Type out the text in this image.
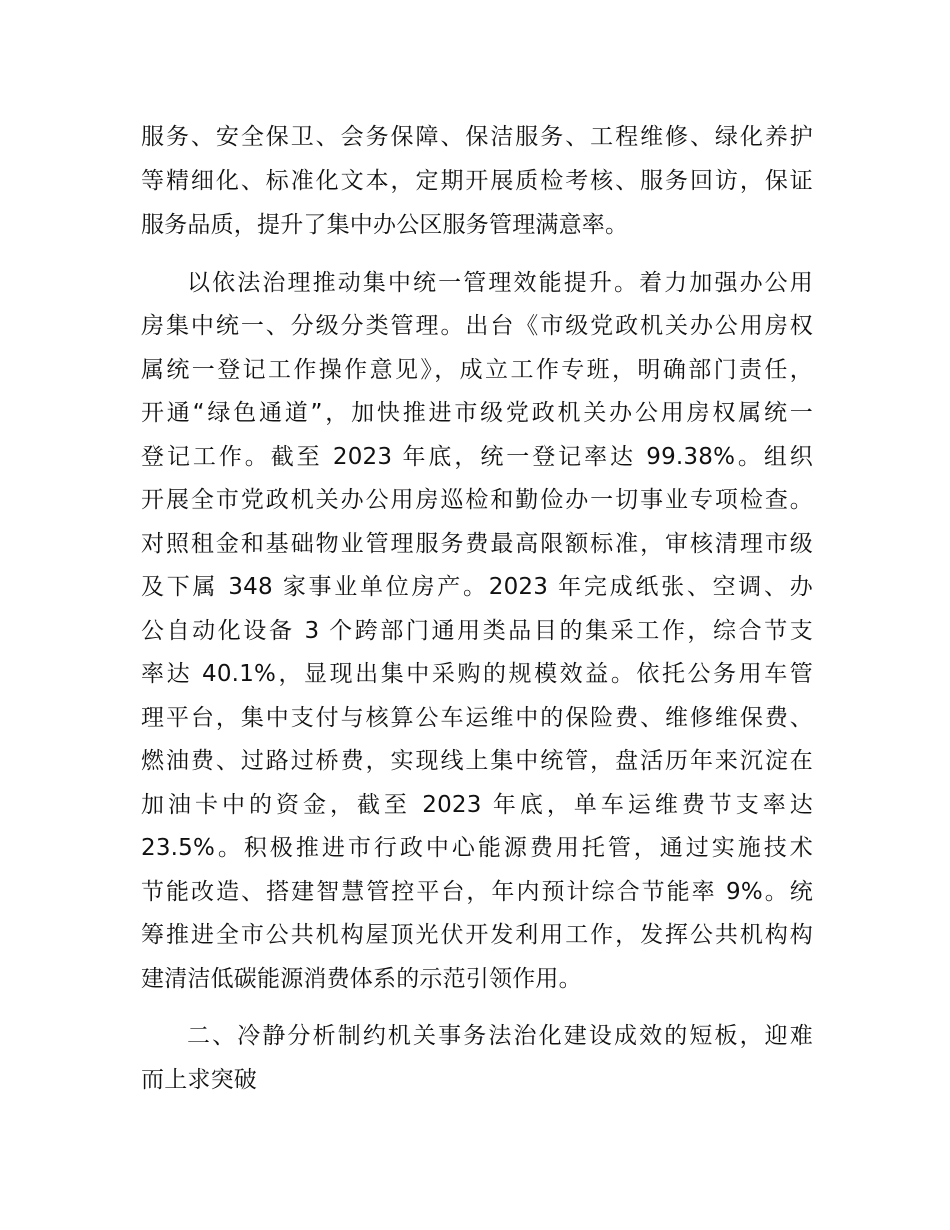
服务、安全保卫、会务保障、保洁服务、工程维修、绿化养护
等精细化、标准化文本，定期开展质检考核、服务回访，保证
服务品质，提升了集中办公区服务管理满意率。
以依法治理推动集中统一管理效能提升。着力加强办公用
房集中统一、分级分类管理。出台《市级党政机关办公用房权
属统一登记工作操作意见》，成立工作专班，明确部门责任，
开通“绿色通道”，加快推进市级党政机关办公用房权属统一
登记工作。截至 2023 年底，统一登记率达 99.38%。组织
开展全市党政机关办公用房巡检和勤俭办一切事业专项检查。
对照租金和基础物业管理服务费最高限额标准，审核清理市级
及下属 348 家事业单位房产。2023 年完成纸张、空调、办
公自动化设备 3 个跨部门通用类品目的集采工作，综合节支
率达 40.1%，显现出集中采购的规模效益。依托公务用车管
理平台，集中支付与核算公车运维中的保险费、维修维保费、
燃油费、过路过桥费，实现线上集中统管，盘活历年来沉淀在
加油卡中的资金，截至 2023 年底，单车运维费节支率达
23.5%。积极推进市行政中心能源费用托管，通过实施技术
节能改造、搭建智慧管控平台，年内预计综合节能率 9%。统
筹推进全市公共机构屋顶光伏开发利用工作，发挥公共机构构
建清洁低碳能源消费体系的示范引领作用。
二、冷静分析制约机关事务法治化建设成效的短板，迎难
而上求突破
